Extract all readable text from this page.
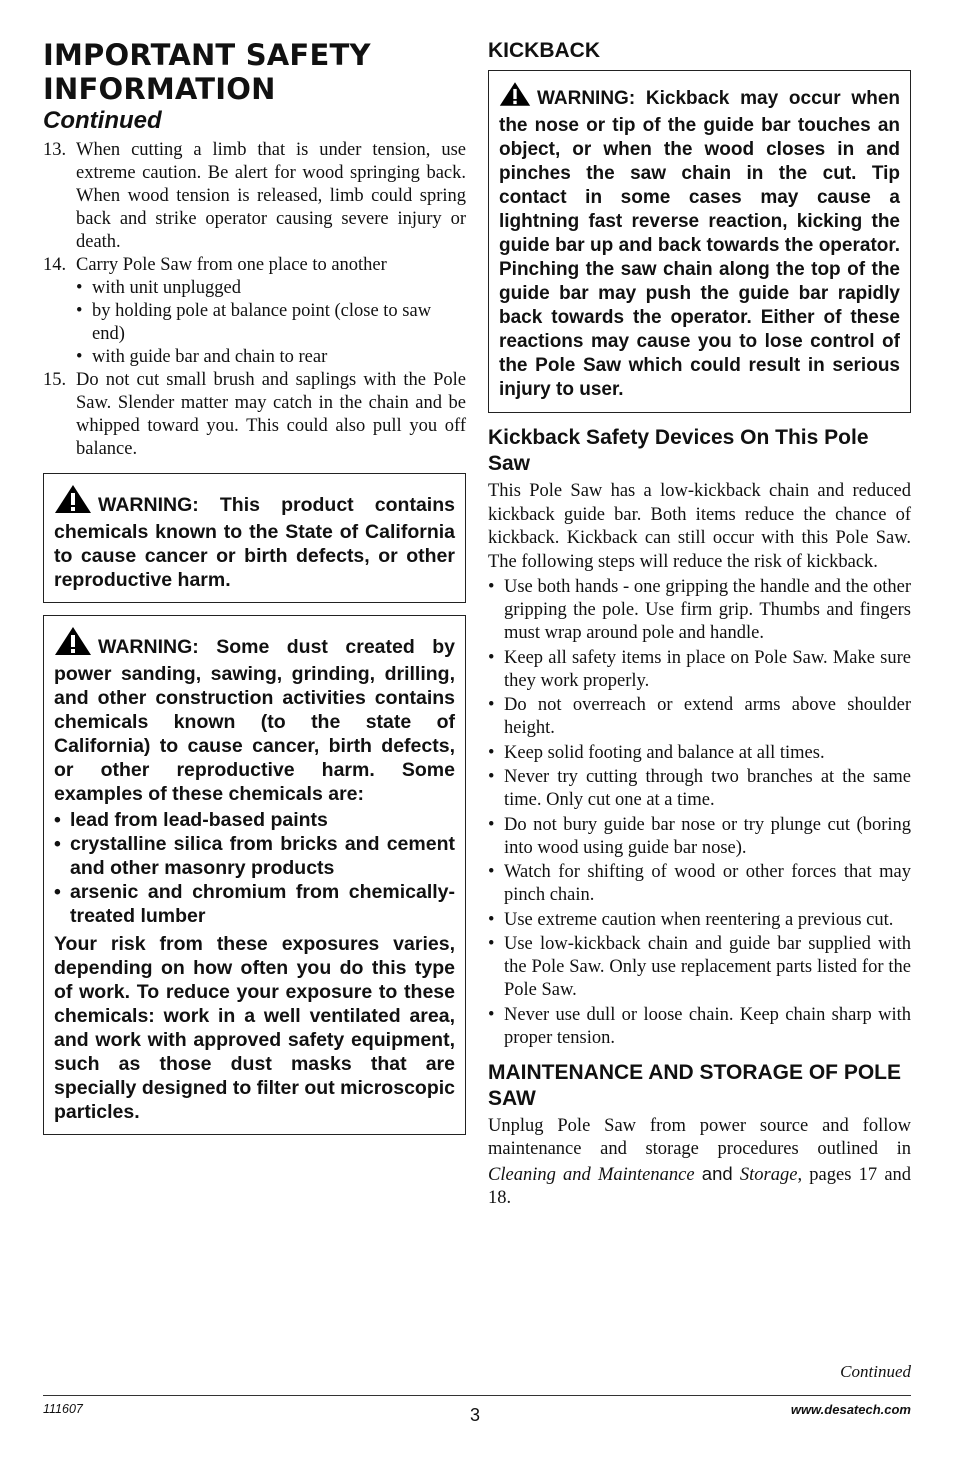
IMPORTANT SAFETY
INFORMATION
Continued
13. When cutting a limb that is under tension, use extreme caution. Be alert for wood springing back. When wood tension is released, limb could spring back and strike operator causing severe injury or death.
14. Carry Pole Saw from one place to another
• with unit unplugged
• by holding pole at balance point (close to saw end)
• with guide bar and chain to rear
15. Do not cut small brush and saplings with the Pole Saw. Slender matter may catch in the chain and be whipped toward you. This could also pull you off balance.
WARNING: This product contains chemicals known to the State of California to cause cancer or birth defects, or other reproductive harm.
WARNING: Some dust created by power sanding, sawing, grinding, drilling, and other construction activities contains chemicals known (to the state of California) to cause cancer, birth defects, or other reproductive harm. Some examples of these chemicals are:
• lead from lead-based paints
• crystalline silica from bricks and cement and other masonry products
• arsenic and chromium from chemically-treated lumber
Your risk from these exposures varies, depending on how often you do this type of work. To reduce your exposure to these chemicals: work in a well ventilated area, and work with approved safety equipment, such as those dust masks that are specially designed to filter out microscopic particles.
KICKBACK
WARNING: Kickback may occur when the nose or tip of the guide bar touches an object, or when the wood closes in and pinches the saw chain in the cut. Tip contact in some cases may cause a lightning fast reverse reaction, kicking the guide bar up and back towards the operator. Pinching the saw chain along the top of the guide bar may push the guide bar rapidly back towards the operator. Either of these reactions may cause you to lose control of the Pole Saw which could result in serious injury to user.
Kickback Safety Devices On This Pole Saw

This Pole Saw has a low-kickback chain and reduced kickback guide bar. Both items reduce the chance of kickback. Kickback can still occur with this Pole Saw. The following steps will reduce the risk of kickback.

• Use both hands - one gripping the handle and the other gripping the pole. Use firm grip. Thumbs and fingers must wrap around pole and handle.
• Keep all safety items in place on Pole Saw. Make sure they work properly.
• Do not overreach or extend arms above shoulder height.
• Keep solid footing and balance at all times.
• Never try cutting through two branches at the same time. Only cut one at a time.
• Do not bury guide bar nose or try plunge cut (boring into wood using guide bar nose).
• Watch for shifting of wood or other forces that may pinch chain.
• Use extreme caution when reentering a previous cut.
• Use low-kickback chain and guide bar supplied with the Pole Saw. Only use replacement parts listed for the Pole Saw.
• Never use dull or loose chain. Keep chain sharp with proper tension.
MAINTENANCE AND STORAGE OF POLE SAW

Unplug Pole Saw from power source and follow maintenance and storage procedures outlined in Cleaning and Maintenance and Storage, pages 17 and 18.

Continued
111607	3	www.desatech.com
